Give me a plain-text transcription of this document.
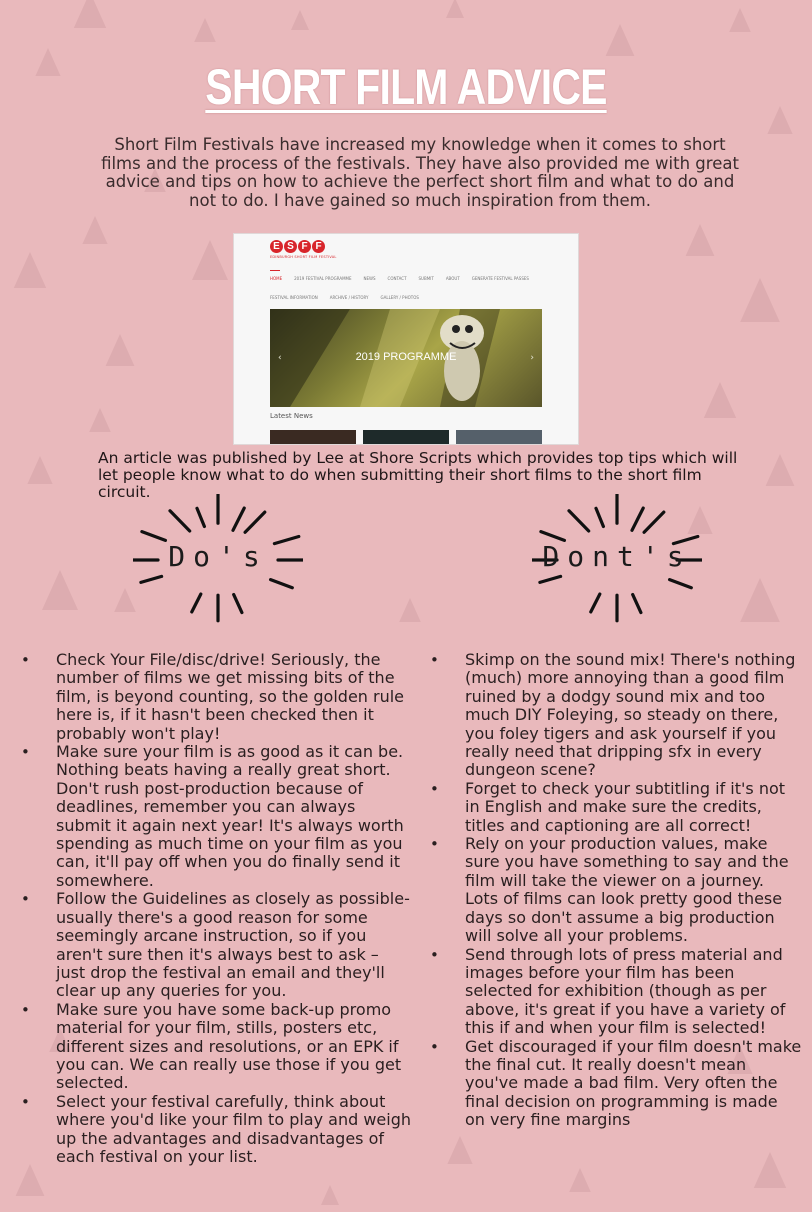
SHORT FILM ADVICE
Short Film Festivals have increased my knowledge when it comes to short films and the process of the festivals. They have also provided me with great advice and tips on how to achieve the perfect short film and what to do and not to do. I have gained so much inspiration from them.
E S F F
EDINBURGH SHORT FILM FESTIVAL
HOME	2019 FESTIVAL PROGRAMME	NEWS	CONTACT	SUBMIT	ABOUT	GENERATE FESTIVAL PASSES
FESTIVAL INFORMATION	ARCHIVE / HISTORY	GALLERY / PHOTOS
‹	2019 PROGRAMME	›
Latest News
An article was published by Lee at Shore Scripts which provides top tips which will let people know what to do when submitting their short films to the short film circuit.
Do's	Dont's
• Check Your File/disc/drive! Seriously, the number of films we get missing bits of the film, is beyond counting, so the golden rule here is, if it hasn't been checked then it probably won't play!
• Make sure your film is as good as it can be. Nothing beats having a really great short. Don't rush post-production because of deadlines, remember you can always submit it again next year! It's always worth spending as much time on your film as you can, it'll pay off when you do finally send it somewhere.
• Follow the Guidelines as closely as possible- usually there's a good reason for some seemingly arcane instruction, so if you aren't sure then it's always best to ask – just drop the festival an email and they'll clear up any queries for you.
• Make sure you have some back-up promo material for your film, stills, posters etc, different sizes and resolutions, or an EPK if you can. We can really use those if you get selected.
• Select your festival carefully, think about where you'd like your film to play and weigh up the advantages and disadvantages of each festival on your list.
• Skimp on the sound mix! There's nothing (much) more annoying than a good film ruined by a dodgy sound mix and too much DIY Foleying, so steady on there, you foley tigers and ask yourself if you really need that dripping sfx in every dungeon scene?
• Forget to check your subtitling if it's not in English and make sure the credits, titles and captioning are all correct!
• Rely on your production values, make sure you have something to say and the film will take the viewer on a journey. Lots of films can look pretty good these days so don't assume a big production will solve all your problems.
• Send through lots of press material and images before your film has been selected for exhibition (though as per above, it's great if you have a variety of this if and when your film is selected!
• Get discouraged if your film doesn't make the final cut. It really doesn't mean you've made a bad film. Very often the final decision on programming is made on very fine margins
